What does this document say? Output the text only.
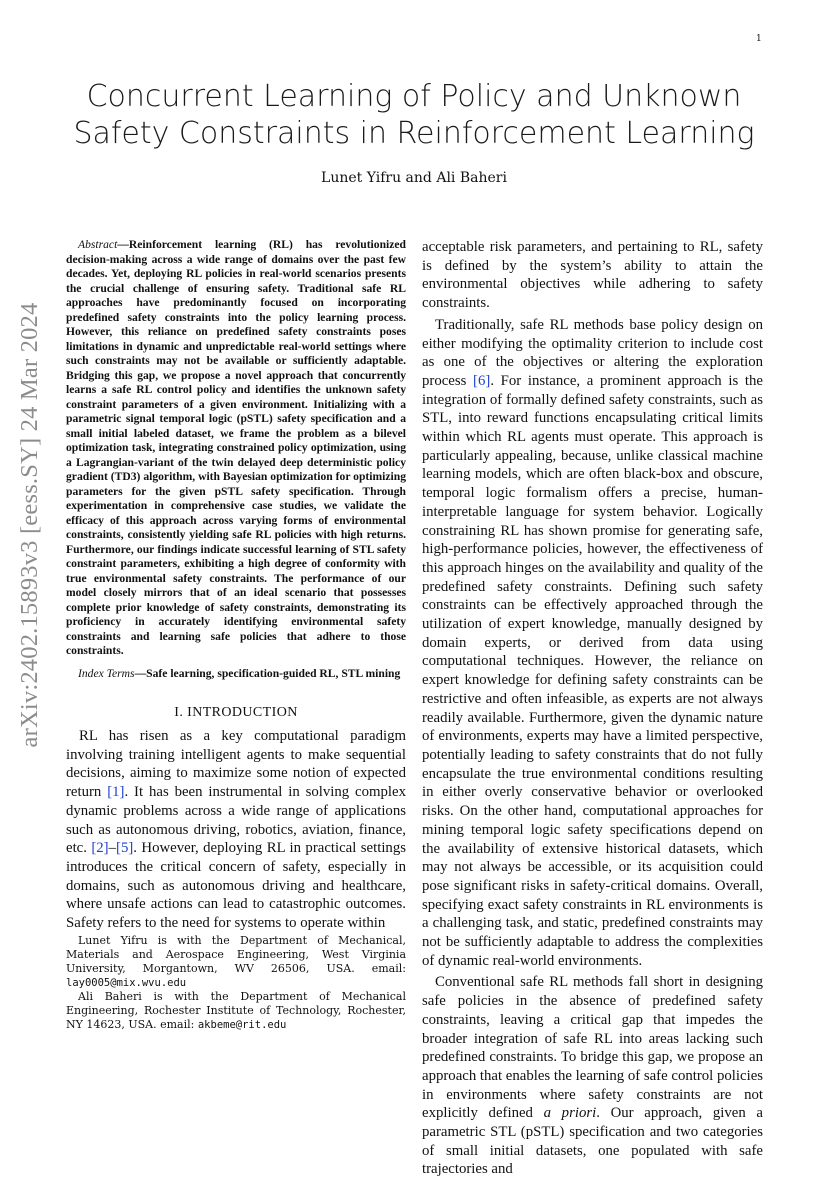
1
arXiv:2402.15893v3 [eess.SY] 24 Mar 2024
Concurrent Learning of Policy and Unknown
Safety Constraints in Reinforcement Learning
Lunet Yifru and Ali Baheri

Abstract—Reinforcement learning (RL) has revolutionized decision-making across a wide range of domains over the past few decades. Yet, deploying RL policies in real-world scenarios presents the crucial challenge of ensuring safety. Traditional safe RL approaches have predominantly focused on incorporating predefined safety constraints into the policy learning process. However, this reliance on predefined safety constraints poses limitations in dynamic and unpredictable real-world settings where such constraints may not be available or sufficiently adaptable. Bridging this gap, we propose a novel approach that concurrently learns a safe RL control policy and identifies the unknown safety constraint parameters of a given environment. Initializing with a parametric signal temporal logic (pSTL) safety specification and a small initial labeled dataset, we frame the problem as a bilevel optimization task, integrating constrained policy optimization, using a Lagrangian-variant of the twin delayed deep deterministic policy gradient (TD3) algorithm, with Bayesian optimization for optimizing parameters for the given pSTL safety specification. Through experimentation in comprehensive case studies, we validate the efficacy of this approach across varying forms of environmental constraints, consistently yielding safe RL policies with high returns. Furthermore, our findings indicate successful learning of STL safety constraint parameters, exhibiting a high degree of conformity with true environmental safety constraints. The performance of our model closely mirrors that of an ideal scenario that possesses complete prior knowledge of safety constraints, demonstrating its proficiency in accurately identifying environmental safety constraints and learning safe policies that adhere to those constraints.

Index Terms—Safe learning, specification-guided RL, STL mining

I. INTRODUCTION

RL has risen as a key computational paradigm involving training intelligent agents to make sequential decisions, aiming to maximize some notion of expected return [1]. It has been instrumental in solving complex dynamic problems across a wide range of applications such as autonomous driving, robotics, aviation, finance, etc. [2]–[5]. However, deploying RL in practical settings introduces the critical concern of safety, especially in domains, such as autonomous driving and healthcare, where unsafe actions can lead to catastrophic outcomes. Safety refers to the need for systems to operate within

Lunet Yifru is with the Department of Mechanical, Materials and Aerospace Engineering, West Virginia University, Morgantown, WV 26506, USA. email: lay0005@mix.wvu.edu

Ali Baheri is with the Department of Mechanical Engineering, Rochester Institute of Technology, Rochester, NY 14623, USA. email: akbeme@rit.edu

acceptable risk parameters, and pertaining to RL, safety is defined by the system’s ability to attain the environmental objectives while adhering to safety constraints.

Traditionally, safe RL methods base policy design on either modifying the optimality criterion to include cost as one of the objectives or altering the exploration process [6]. For instance, a prominent approach is the integration of formally defined safety constraints, such as STL, into reward functions encapsulating critical limits within which RL agents must operate. This approach is particularly appealing, because, unlike classical machine learning models, which are often black-box and obscure, temporal logic formalism offers a precise, human-interpretable language for system behavior. Logically constraining RL has shown promise for generating safe, high-performance policies, however, the effectiveness of this approach hinges on the availability and quality of the predefined safety constraints. Defining such safety constraints can be effectively approached through the utilization of expert knowledge, manually designed by domain experts, or derived from data using computational techniques. However, the reliance on expert knowledge for defining safety constraints can be restrictive and often infeasible, as experts are not always readily available. Furthermore, given the dynamic nature of environments, experts may have a limited perspective, potentially leading to safety constraints that do not fully encapsulate the true environmental conditions resulting in either overly conservative behavior or overlooked risks. On the other hand, computational approaches for mining temporal logic safety specifications depend on the availability of extensive historical datasets, which may not always be accessible, or its acquisition could pose significant risks in safety-critical domains. Overall, specifying exact safety constraints in RL environments is a challenging task, and static, predefined constraints may not be sufficiently adaptable to address the complexities of dynamic real-world environments.

Conventional safe RL methods fall short in designing safe policies in the absence of predefined safety constraints, leaving a critical gap that impedes the broader integration of safe RL into areas lacking such predefined constraints. To bridge this gap, we propose an approach that enables the learning of safe control policies in environments where safety constraints are not explicitly defined a priori. Our approach, given a parametric STL (pSTL) specification and two categories of small initial datasets, one populated with safe trajectories and
